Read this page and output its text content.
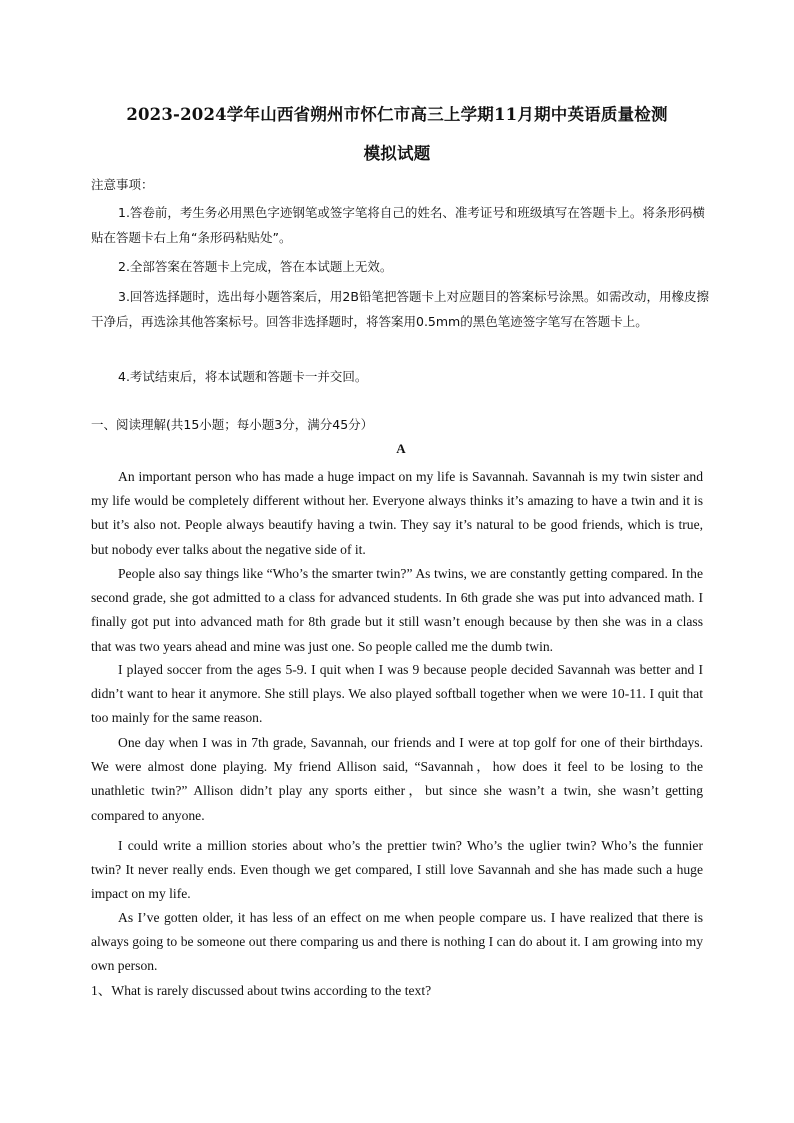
2023-2024学年山西省朔州市怀仁市高三上学期11月期中英语质量检测
模拟试题

注意事项：

1.答卷前，考生务必用黑色字迹钢笔或签字笔将自己的姓名、准考证号和班级填写在答题卡上。将条形码横贴在答题卡右上角“条形码粘贴处”。

2.全部答案在答题卡上完成，答在本试题上无效。

3.回答选择题时，选出每小题答案后，用2B铅笔把答题卡上对应题目的答案标号涂黑。如需改动，用橡皮擦干净后，再选涂其他答案标号。回答非选择题时，将答案用0.5mm的黑色笔迹签字笔写在答题卡上。

4.考试结束后，将本试题和答题卡一并交回。

一、阅读理解(共15小题；每小题3分，满分45分）
A

An important person who has made a huge impact on my life is Savannah. Savannah is my twin sister and my life would be completely different without her. Everyone always thinks it’s amazing to have a twin and it is but it’s also not. People always beautify having a twin. They say it’s natural to be good friends, which is true, but nobody ever talks about the negative side of it.

People also say things like “Who’s the smarter twin?” As twins, we are constantly getting compared. In the second grade, she got admitted to a class for advanced students. In 6th grade she was put into advanced math. I finally got put into advanced math for 8th grade but it still wasn’t enough because by then she was in a class that was two years ahead and mine was just one. So people called me the dumb twin.

I played soccer from the ages 5-9. I quit when I was 9 because people decided Savannah was better and I didn’t want to hear it anymore. She still plays. We also played softball together when we were 10-11. I quit that too mainly for the same reason.

One day when I was in 7th grade, Savannah, our friends and I were at top golf for one of their birthdays. We were almost done playing. My friend Allison said, “Savannah，how does it feel to be losing to the unathletic twin?” Allison didn’t play any sports either，but since she wasn’t a twin, she wasn’t getting compared to anyone.

I could write a million stories about who’s the prettier twin? Who’s the uglier twin? Who’s the funnier twin? It never really ends. Even though we get compared, I still love Savannah and she has made such a huge impact on my life.

As I’ve gotten older, it has less of an effect on me when people compare us. I have realized that there is always going to be someone out there comparing us and there is nothing I can do about it. I am growing into my own person.

1、What is rarely discussed about twins according to the text?
